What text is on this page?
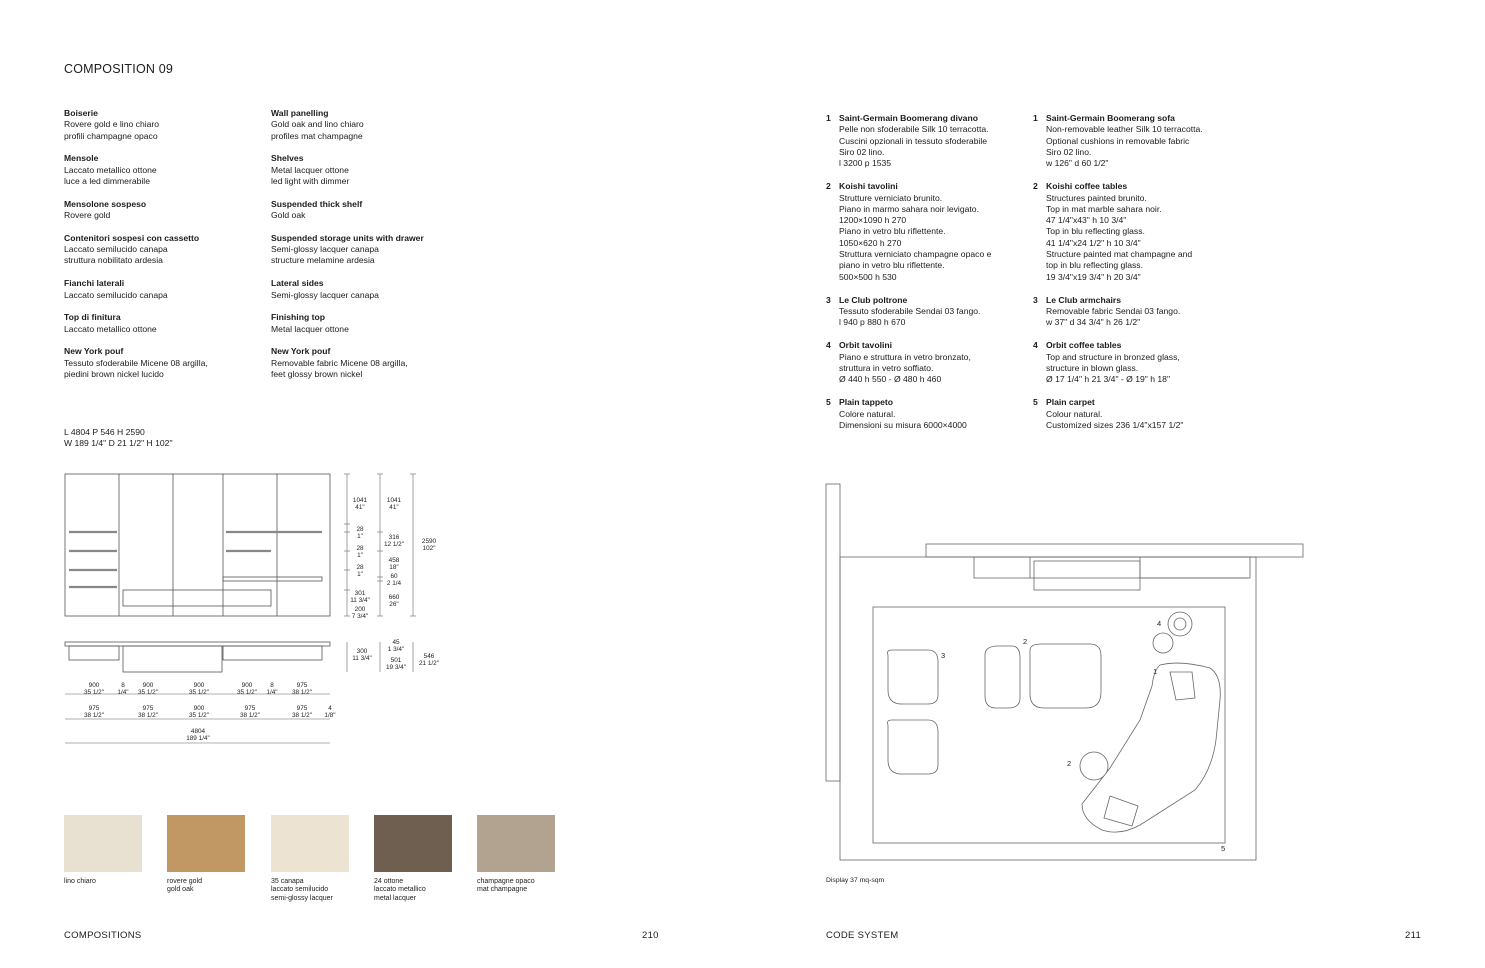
COMPOSITION 09
Boiserie
Rovere gold e lino chiaro
profili champagne opaco
Mensole
Laccato metallico ottone
luce a led dimmerabile
Mensolone sospeso
Rovere gold
Contenitori sospesi con cassetto
Laccato semilucido canapa
struttura nobilitato ardesia
Fianchi laterali
Laccato semilucido canapa
Top di finitura
Laccato metallico ottone
New York pouf
Tessuto sfoderabile Micene 08 argilla,
piedini brown nickel lucido
Wall panelling
Gold oak and lino chiaro
profiles mat champagne
Shelves
Metal lacquer ottone
led light with dimmer
Suspended thick shelf
Gold oak
Suspended storage units with drawer
Semi-glossy lacquer canapa
structure melamine ardesia
Lateral sides
Semi-glossy lacquer canapa
Finishing top
Metal lacquer ottone
New York pouf
Removable fabric Micene 08 argilla,
feet glossy brown nickel
L 4804 P 546 H 2590
W 189 1/4" D 21 1/2" H 102"
1041
41"
1041
41"
28
1"
28
1"
28
1"
316
12 1/2"
458
18"
60
2 1/4
301
11 3/4"
200
7 3/4"
660
26"
2590
102"
300
11 3/4"
45
1 3/4"
501
19 3/4"
546
21 1/2"
900
35 1/2"
8
1/4"
900
35 1/2"
900
35 1/2"
900
35 1/2"
8
1/4"
975
38 1/2"
975
38 1/2"
975
38 1/2"
900
35 1/2"
975
38 1/2"
975
38 1/2"
4
1/8"
4804
189 1/4"
lino chiaro	rovere gold
gold oak
35 canapa
laccato semilucido
semi-glossy lacquer
24 ottone
laccato metallico
metal lacquer
champagne opaco
mat champagne
COMPOSITIONS	210
1 Saint-Germain Boomerang divano
Pelle non sfoderabile Silk 10 terracotta.
Cuscini opzionali in tessuto sfoderabile
Siro 02 lino.
l 3200 p 1535
2 Koishi tavolini
Strutture verniciato brunito.
Piano in marmo sahara noir levigato.
1200×1090 h 270
Piano in vetro blu riflettente.
1050×620 h 270
Struttura verniciato champagne opaco e
piano in vetro blu riflettente.
500×500 h 530
3 Le Club poltrone
Tessuto sfoderabile Sendai 03 fango.
l 940 p 880 h 670
4 Orbit tavolini
Piano e struttura in vetro bronzato,
struttura in vetro soffiato.
Ø 440 h 550 - Ø 480 h 460
5 Plain tappeto
Colore natural.
Dimensioni su misura 6000×4000
1 Saint-Germain Boomerang sofa
Non-removable leather Silk 10 terracotta.
Optional cushions in removable fabric
Siro 02 lino.
w 126" d 60 1/2"
2 Koishi coffee tables
Structures painted brunito.
Top in mat marble sahara noir.
47 1/4"x43" h 10 3/4"
Top in blu reflecting glass.
41 1/4"x24 1/2" h 10 3/4"
Structure painted mat champagne and
top in blu reflecting glass.
19 3/4"x19 3/4" h 20 3/4"
3 Le Club armchairs
Removable fabric Sendai 03 fango.
w 37" d 34 3/4" h 26 1/2"
4 Orbit coffee tables
Top and structure in bronzed glass,
structure in blown glass.
Ø 17 1/4" h 21 3/4" - Ø 19" h 18"
5 Plain carpet
Colour natural.
Customized sizes 236 1/4"x157 1/2"
1
2
2
3
4
5
Display 37 mq-sqm
CODE SYSTEM	211
